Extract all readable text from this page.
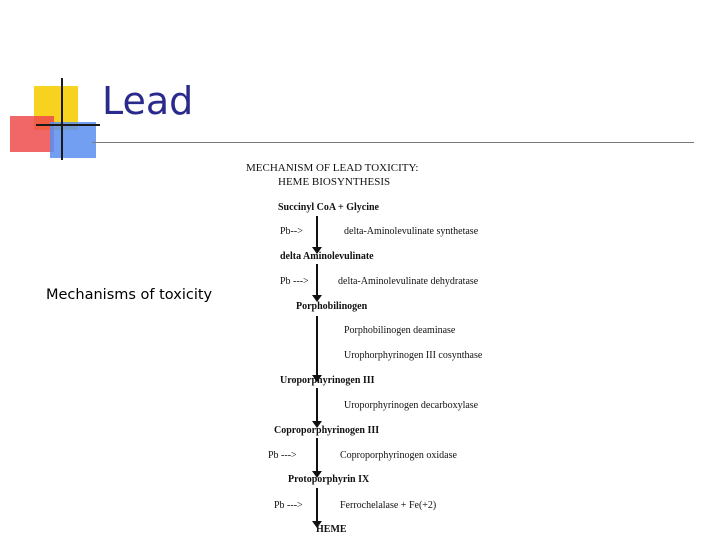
Lead

Mechanisms of toxicity

MECHANISM OF LEAD TOXICITY:
HEME BIOSYNTHESIS
Succinyl CoA + Glycine
Pb-->	delta-Aminolevulinate synthetase
delta Aminolevulinate
Pb --->	delta-Aminolevulinate dehydratase
Porphobilinogen
Porphobilinogen deaminase
Urophorphyrinogen III cosynthase
Uroporphyrinogen III
Uroporphyrinogen decarboxylase
Coproporphyrinogen III
Pb --->	Coproporphyrinogen oxidase
Protoporphyrin IX
Pb --->	Ferrochelalase + Fe(+2)
HEME
